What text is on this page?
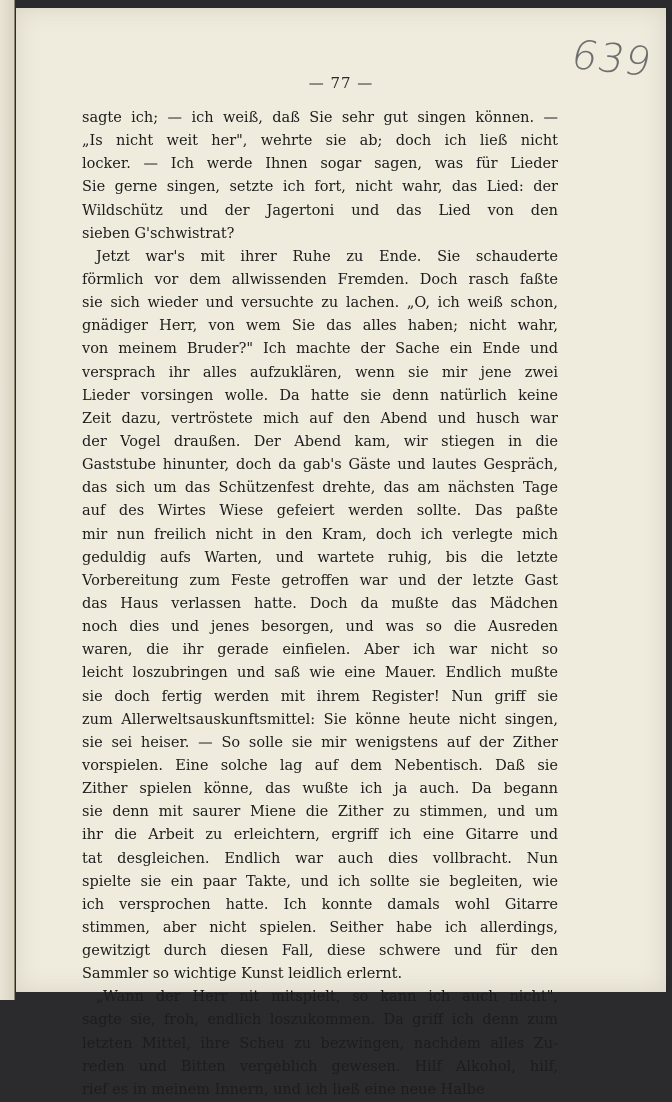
— 77 —	639
sagte ich; — ich weiß, daß Sie sehr gut singen können. —
„Is nicht weit her", wehrte sie ab; doch ich ließ nicht
locker. — Ich werde Ihnen sogar sagen, was für Lieder
Sie gerne singen, setzte ich fort, nicht wahr, das Lied: der
Wildschütz und der Jagertoni und das Lied von den
sieben G'schwistrat?
Jetzt war's mit ihrer Ruhe zu Ende. Sie schauderte
förmlich vor dem allwissenden Fremden. Doch rasch faßte
sie sich wieder und versuchte zu lachen. „O, ich weiß schon,
gnädiger Herr, von wem Sie das alles haben; nicht wahr,
von meinem Bruder?" Ich machte der Sache ein Ende und
versprach ihr alles aufzuklären, wenn sie mir jene zwei
Lieder vorsingen wolle. Da hatte sie denn natürlich keine
Zeit dazu, vertröstete mich auf den Abend und husch war
der Vogel draußen. Der Abend kam, wir stiegen in die
Gaststube hinunter, doch da gab's Gäste und lautes Gespräch,
das sich um das Schützenfest drehte, das am nächsten Tage
auf des Wirtes Wiese gefeiert werden sollte. Das paßte
mir nun freilich nicht in den Kram, doch ich verlegte mich
geduldig aufs Warten, und wartete ruhig, bis die letzte
Vorbereitung zum Feste getroffen war und der letzte Gast
das Haus verlassen hatte. Doch da mußte das Mädchen
noch dies und jenes besorgen, und was so die Ausreden
waren, die ihr gerade einfielen. Aber ich war nicht so
leicht loszubringen und saß wie eine Mauer. Endlich mußte
sie doch fertig werden mit ihrem Register! Nun griff sie
zum Allerweltsauskunftsmittel: Sie könne heute nicht singen,
sie sei heiser. — So solle sie mir wenigstens auf der Zither
vorspielen. Eine solche lag auf dem Nebentisch. Daß sie
Zither spielen könne, das wußte ich ja auch. Da begann
sie denn mit saurer Miene die Zither zu stimmen, und um
ihr die Arbeit zu erleichtern, ergriff ich eine Gitarre und
tat desgleichen. Endlich war auch dies vollbracht. Nun
spielte sie ein paar Takte, und ich sollte sie begleiten, wie
ich versprochen hatte. Ich konnte damals wohl Gitarre
stimmen, aber nicht spielen. Seither habe ich allerdings,
gewitzigt durch diesen Fall, diese schwere und für den
Sammler so wichtige Kunst leidlich erlernt.
„Wann der Herr nit mitspielt, so kann ich auch nicht",
sagte sie, froh, endlich loszukommen. Da griff ich denn zum
letzten Mittel, ihre Scheu zu bezwingen, nachdem alles Zu-
reden und Bitten vergeblich gewesen. Hilf Alkohol, hilf,
rief es in meinem Innern, und ich ließ eine neue Halbe
